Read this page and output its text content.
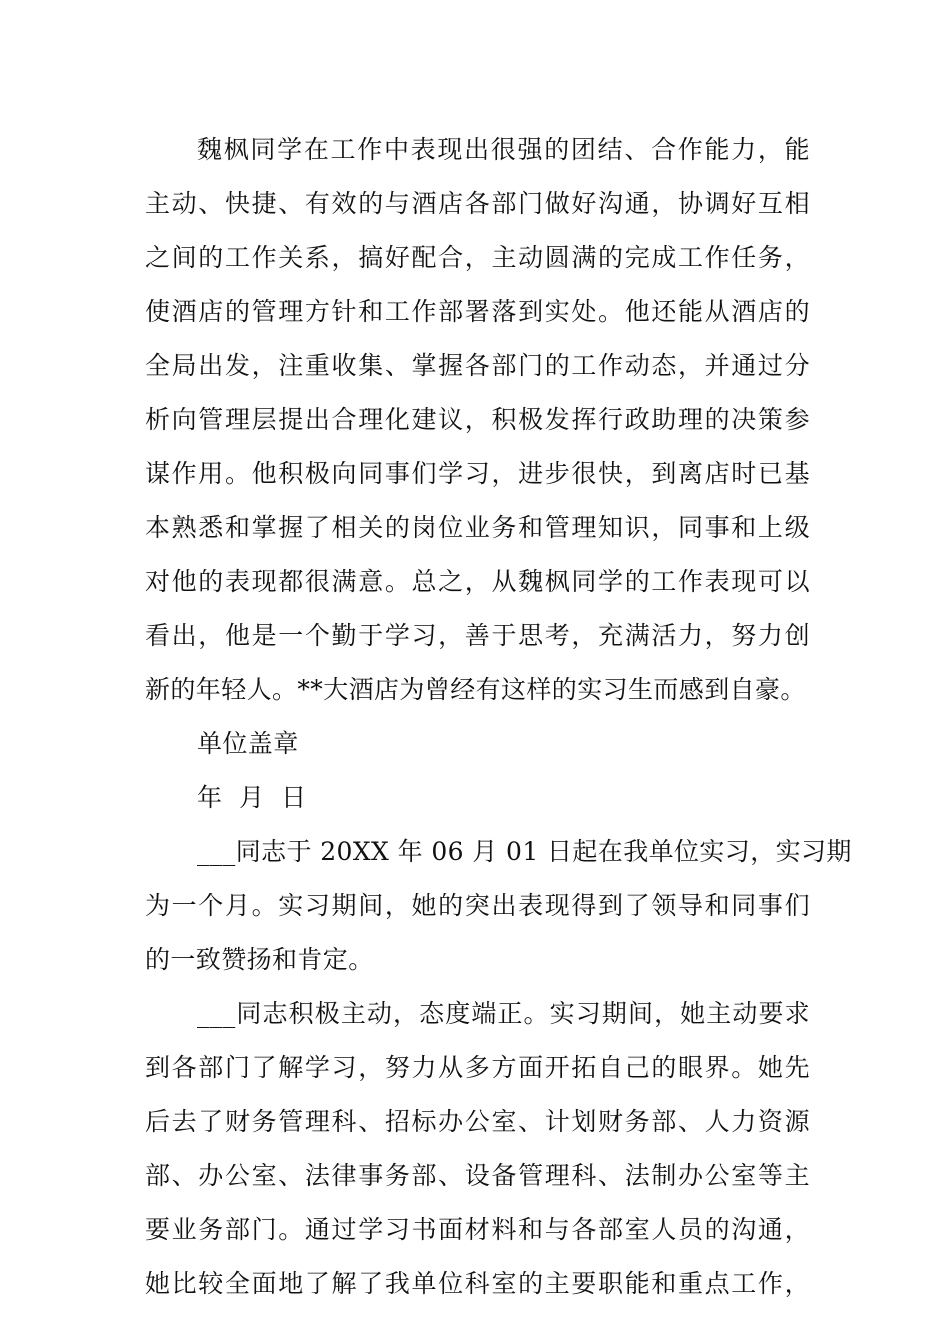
魏枫同学在工作中表现出很强的团结、合作能力，能
主动、快捷、有效的与酒店各部门做好沟通，协调好互相
之间的工作关系，搞好配合，主动圆满的完成工作任务，
使酒店的管理方针和工作部署落到实处。他还能从酒店的
全局出发，注重收集、掌握各部门的工作动态，并通过分
析向管理层提出合理化建议，积极发挥行政助理的决策参
谋作用。他积极向同事们学习，进步很快，到离店时已基
本熟悉和掌握了相关的岗位业务和管理知识，同事和上级
对他的表现都很满意。总之，从魏枫同学的工作表现可以
看出，他是一个勤于学习，善于思考，充满活力，努力创
新的年轻人。**大酒店为曾经有这样的实习生而感到自豪。
单位盖章
年  月  日
___同志于 20XX 年 06 月 01 日起在我单位实习，实习期
为一个月。实习期间，她的突出表现得到了领导和同事们
的一致赞扬和肯定。
___同志积极主动，态度端正。实习期间，她主动要求
到各部门了解学习，努力从多方面开拓自己的眼界。她先
后去了财务管理科、招标办公室、计划财务部、人力资源
部、办公室、法律事务部、设备管理科、法制办公室等主
要业务部门。通过学习书面材料和与各部室人员的沟通，
她比较全面地了解了我单位科室的主要职能和重点工作，
